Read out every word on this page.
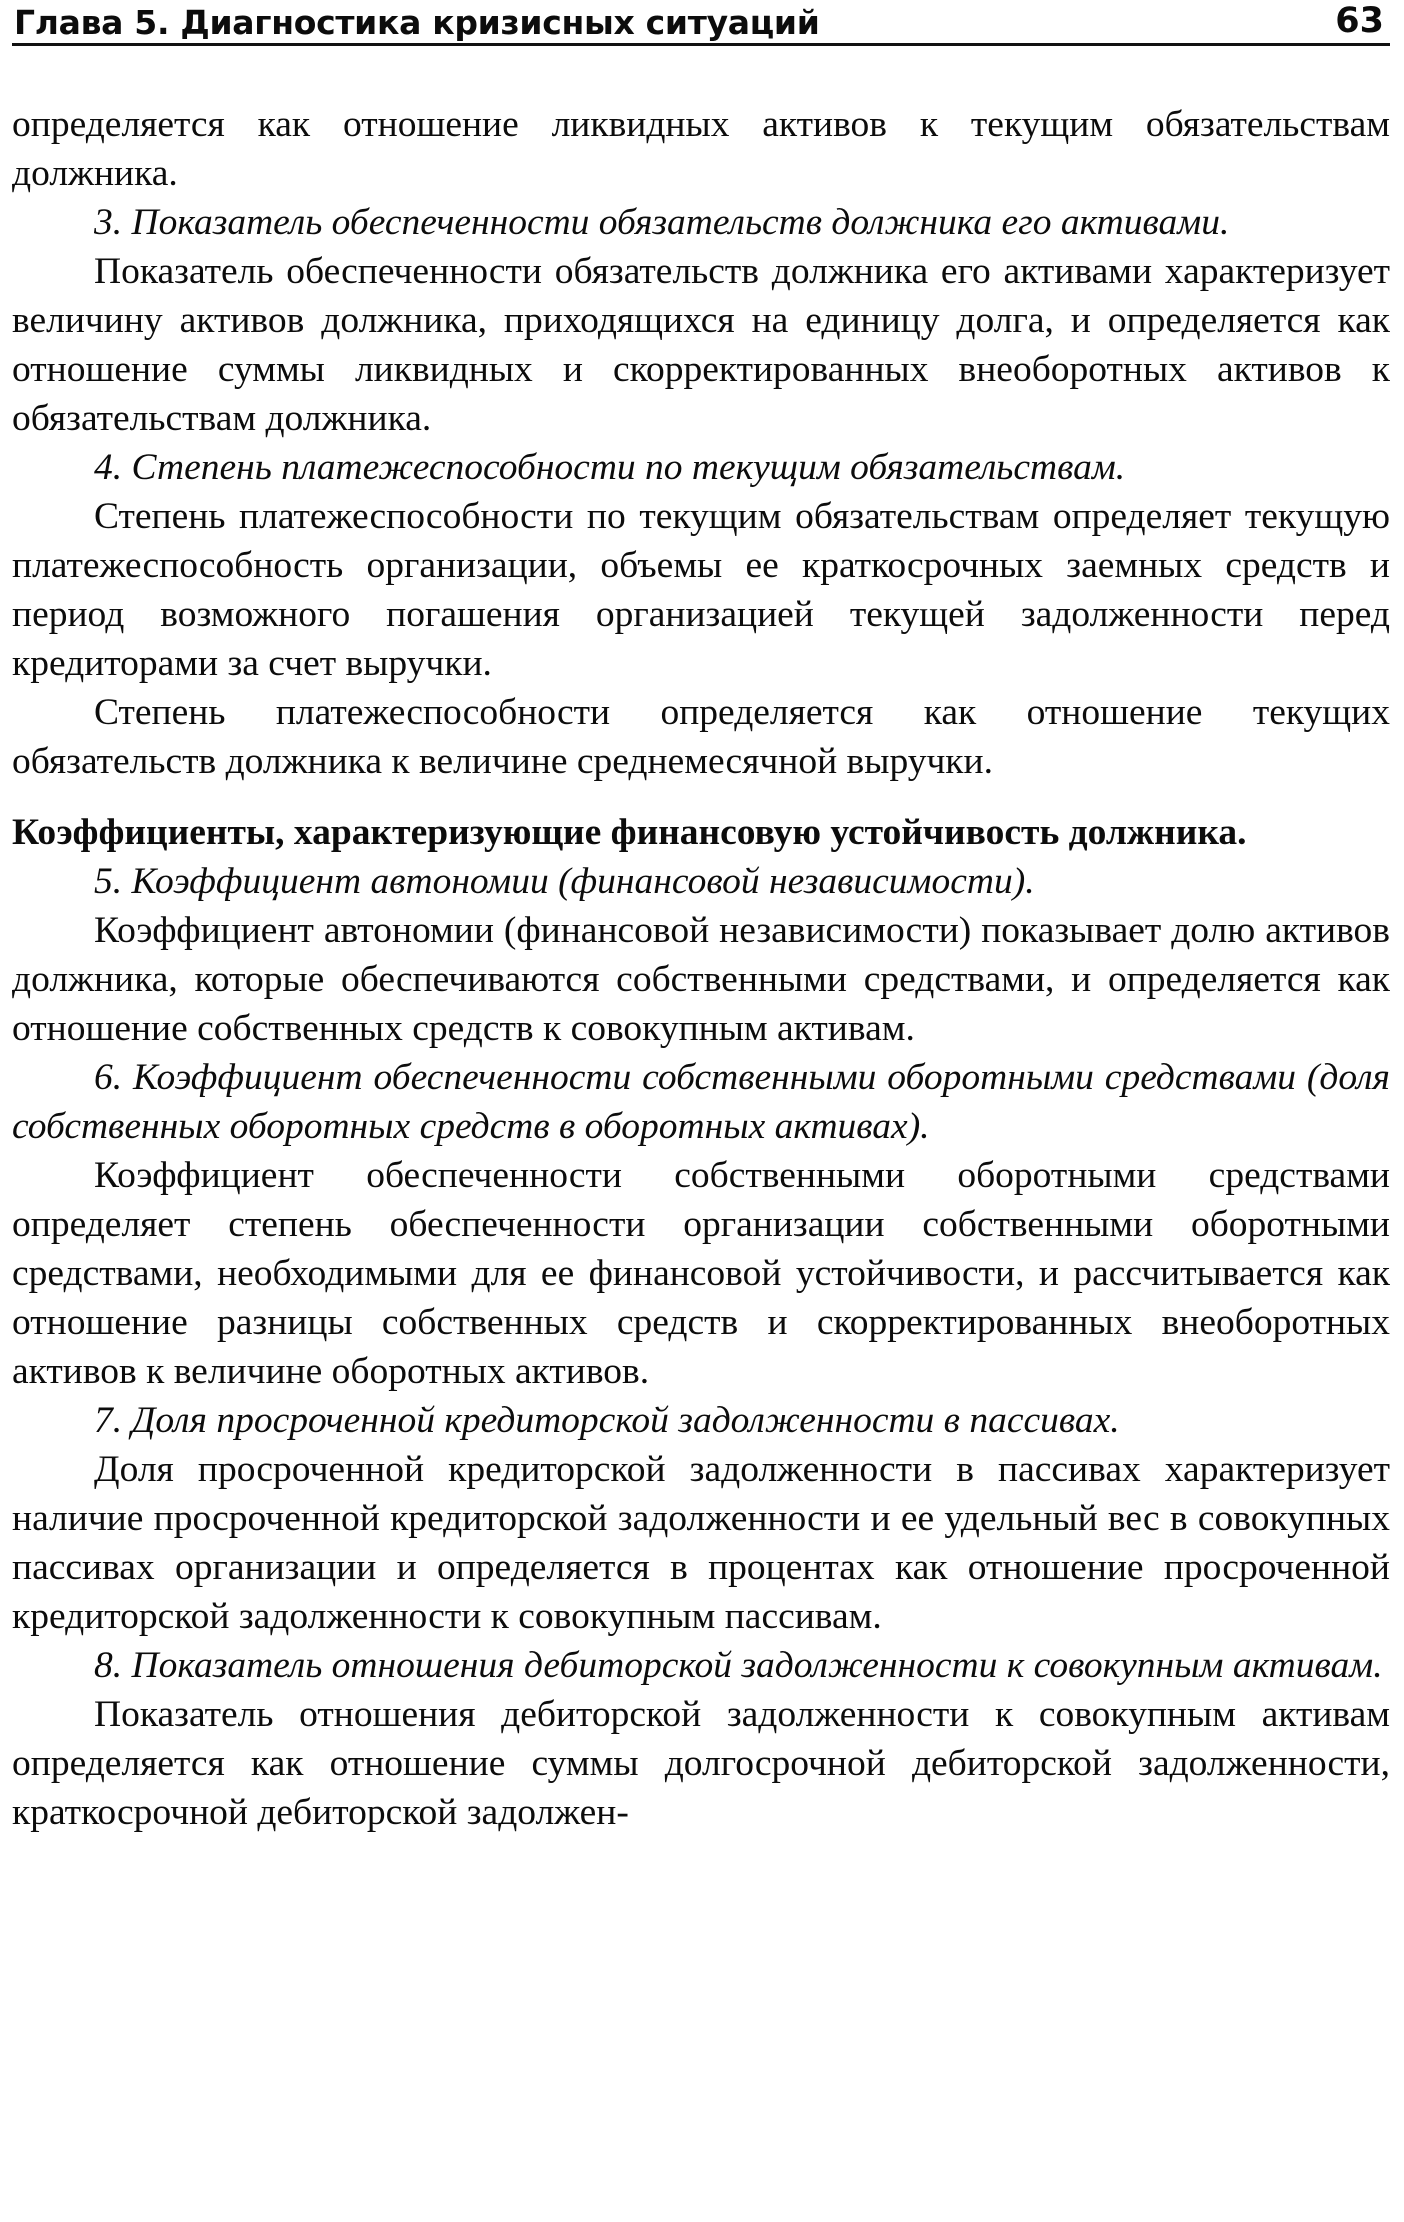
Глава 5. Диагностика кризисных ситуаций	63

определяется как отношение ликвидных активов к текущим обязательствам должника.

3. Показатель обеспеченности обязательств должника его активами.

Показатель обеспеченности обязательств должника его активами характеризует величину активов должника, приходящихся на единицу долга, и определяется как отношение суммы ликвидных и скорректированных внеоборотных активов к обязательствам должника.

4. Степень платежеспособности по текущим обязательствам.

Степень платежеспособности по текущим обязательствам определяет текущую платежеспособность организации, объемы ее краткосрочных заемных средств и период возможного погашения организацией текущей задолженности перед кредиторами за счет выручки.

Степень платежеспособности определяется как отношение текущих обязательств должника к величине среднемесячной выручки.

Коэффициенты, характеризующие финансовую устойчивость должника.

5. Коэффициент автономии (финансовой независимости).

Коэффициент автономии (финансовой независимости) показывает долю активов должника, которые обеспечиваются собственными средствами, и определяется как отношение собственных средств к совокупным активам.

6. Коэффициент обеспеченности собственными оборотными средствами (доля собственных оборотных средств в оборотных активах).

Коэффициент обеспеченности собственными оборотными средствами определяет степень обеспеченности организации собственными оборотными средствами, необходимыми для ее финансовой устойчивости, и рассчитывается как отношение разницы собственных средств и скорректированных внеоборотных активов к величине оборотных активов.

7. Доля просроченной кредиторской задолженности в пассивах.

Доля просроченной кредиторской задолженности в пассивах характеризует наличие просроченной кредиторской задолженности и ее удельный вес в совокупных пассивах организации и определяется в процентах как отношение просроченной кредиторской задолженности к совокупным пассивам.

8. Показатель отношения дебиторской задолженности к совокупным активам.

Показатель отношения дебиторской задолженности к совокупным активам определяется как отношение суммы долгосрочной дебиторской задолженности, краткосрочной дебиторской задолжен-
